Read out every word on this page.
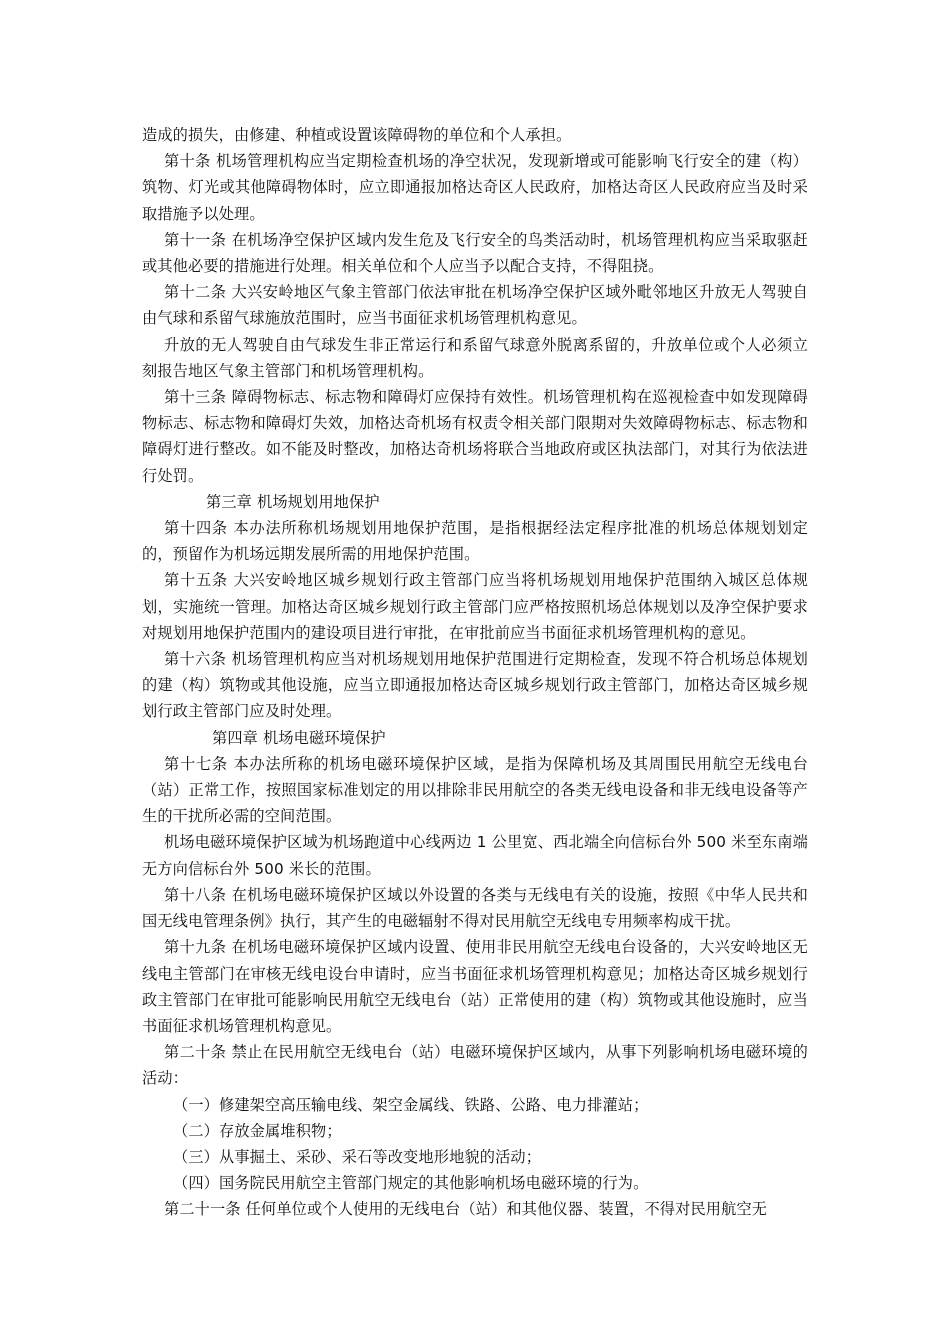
造成的损失，由修建、种植或设置该障碍物的单位和个人承担。

第十条 机场管理机构应当定期检查机场的净空状况，发现新增或可能影响飞行安全的建（构）筑物、灯光或其他障碍物体时，应立即通报加格达奇区人民政府，加格达奇区人民政府应当及时采取措施予以处理。

第十一条 在机场净空保护区域内发生危及飞行安全的鸟类活动时，机场管理机构应当采取驱赶或其他必要的措施进行处理。相关单位和个人应当予以配合支持，不得阻挠。

第十二条 大兴安岭地区气象主管部门依法审批在机场净空保护区域外毗邻地区升放无人驾驶自由气球和系留气球施放范围时，应当书面征求机场管理机构意见。

升放的无人驾驶自由气球发生非正常运行和系留气球意外脱离系留的，升放单位或个人必须立刻报告地区气象主管部门和机场管理机构。

第十三条 障碍物标志、标志物和障碍灯应保持有效性。机场管理机构在巡视检查中如发现障碍物标志、标志物和障碍灯失效，加格达奇机场有权责令相关部门限期对失效障碍物标志、标志物和障碍灯进行整改。如不能及时整改，加格达奇机场将联合当地政府或区执法部门，对其行为依法进行处罚。

第三章 机场规划用地保护

第十四条 本办法所称机场规划用地保护范围，是指根据经法定程序批准的机场总体规划划定的，预留作为机场远期发展所需的用地保护范围。

第十五条 大兴安岭地区城乡规划行政主管部门应当将机场规划用地保护范围纳入城区总体规划，实施统一管理。加格达奇区城乡规划行政主管部门应严格按照机场总体规划以及净空保护要求对规划用地保护范围内的建设项目进行审批，在审批前应当书面征求机场管理机构的意见。

第十六条 机场管理机构应当对机场规划用地保护范围进行定期检查，发现不符合机场总体规划的建（构）筑物或其他设施，应当立即通报加格达奇区城乡规划行政主管部门，加格达奇区城乡规划行政主管部门应及时处理。

第四章 机场电磁环境保护

第十七条 本办法所称的机场电磁环境保护区域，是指为保障机场及其周围民用航空无线电台（站）正常工作，按照国家标准划定的用以排除非民用航空的各类无线电设备和非无线电设备等产生的干扰所必需的空间范围。

机场电磁环境保护区域为机场跑道中心线两边 1 公里宽、西北端全向信标台外 500 米至东南端无方向信标台外 500 米长的范围。

第十八条 在机场电磁环境保护区域以外设置的各类与无线电有关的设施，按照《中华人民共和国无线电管理条例》执行，其产生的电磁辐射不得对民用航空无线电专用频率构成干扰。

第十九条 在机场电磁环境保护区域内设置、使用非民用航空无线电台设备的，大兴安岭地区无线电主管部门在审核无线电设台申请时，应当书面征求机场管理机构意见；加格达奇区城乡规划行政主管部门在审批可能影响民用航空无线电台（站）正常使用的建（构）筑物或其他设施时，应当书面征求机场管理机构意见。

第二十条 禁止在民用航空无线电台（站）电磁环境保护区域内，从事下列影响机场电磁环境的活动：

（一）修建架空高压输电线、架空金属线、铁路、公路、电力排灌站；

（二）存放金属堆积物；

（三）从事掘土、采砂、采石等改变地形地貌的活动；

（四）国务院民用航空主管部门规定的其他影响机场电磁环境的行为。

第二十一条 任何单位或个人使用的无线电台（站）和其他仪器、装置，不得对民用航空无
